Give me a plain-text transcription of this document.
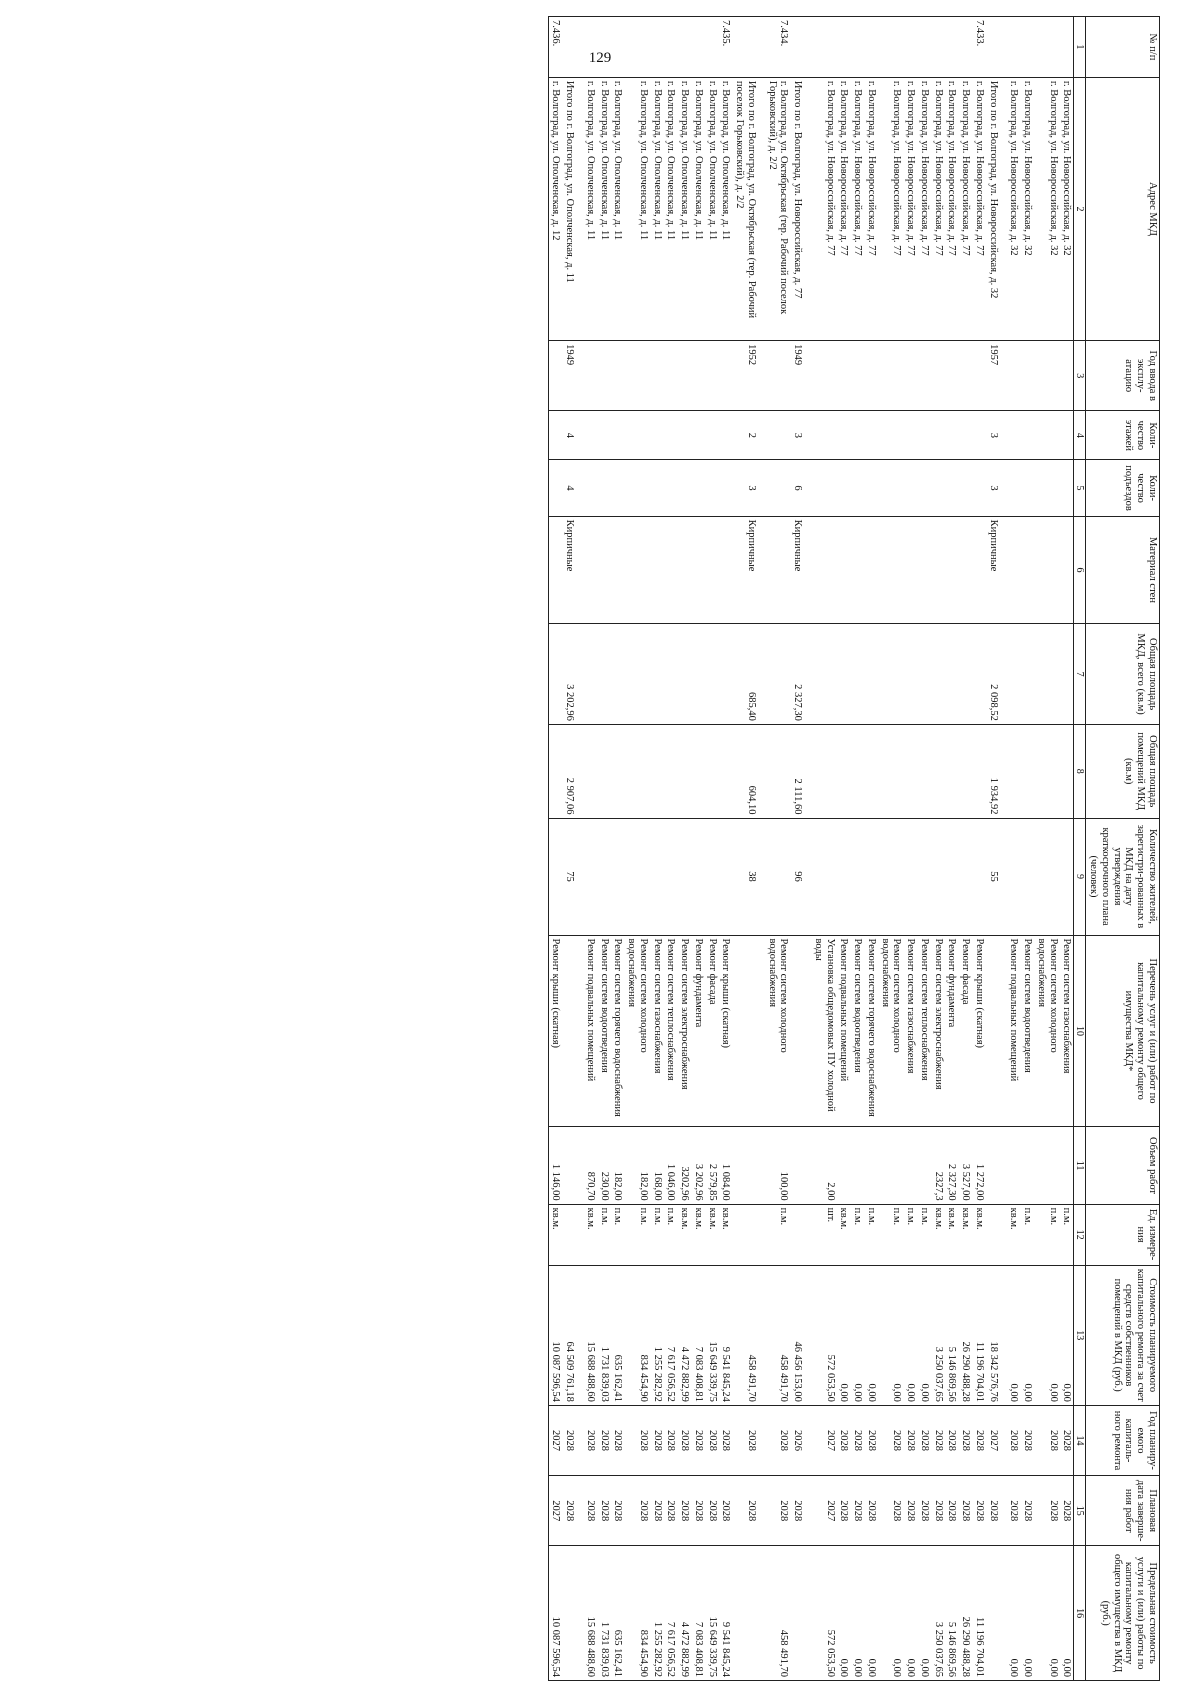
129	№ п/п	Адрес МКД	Год ввода в эксплу-атацию	Коли-чество этажей	Коли-чество подъездов	Материал стен	Общая площадь МКД, всего (кв.м)	Общая площадь помещений МКД (кв.м)	Количество жителей, зарегистри-рованных в МКД на дату утверждения краткосрочного плана (человек)	Перечень услуг и (или) работ по капитальному ремонту общего имущества МКД*	Объем работ	Ед. измере-ния	Стоимость планируемого капитального ремонта за счет средств собственников помещений в МКД (руб.)	Год планиру-емого капиталь-ного ремонта	Плановая дата заверше-ния работ	Предельная стоимость услуги и (или) работы по капитальному ремонту общего имущества в МКД (руб.)
1	2	3	4	5	6	7	8	9	10	11	12	13	14	15	16
	г. Волгоград, ул. Новороссийская, д. 32								Ремонт систем газоснабжения		п.м.	0,00	2028	2028	0,00
	г. Волгоград, ул. Новороссийская, д. 32								Ремонт систем холодного водоснабжения		п.м.	0,00	2028	2028	0,00
	г. Волгоград, ул. Новороссийская, д. 32								Ремонт систем водоотведения		п.м.	0,00	2028	2028	0,00
	г. Волгоград, ул. Новороссийская, д. 32								Ремонт подвальных помещений		кв.м.	0,00	2028	2028	0,00
	Итого по г. Волгоград, ул. Новороссийская, д. 32	1957	3	3	Кирпичные	2 098,52	1 934,92	55				18 342 576,76	2027	2028	
7.433.	г. Волгоград, ул. Новороссийская, д. 77								Ремонт крыши (скатная)	1 272,00	кв.м.	11 196 704,01	2028	2028	11 196 704,01
	г. Волгоград, ул. Новороссийская, д. 77								Ремонт фасада	3 527,00	кв.м.	26 290 488,28	2028	2028	26 290 488,28
	г. Волгоград, ул. Новороссийская, д. 77								Ремонт фундамента	2 327,30	кв.м.	5 146 869,56	2028	2028	5 146 869,56
	г. Волгоград, ул. Новороссийская, д. 77								Ремонт систем электроснабжения	2327,3	кв.м.	3 250 037,65	2028	2028	3 250 037,65
	г. Волгоград, ул. Новороссийская, д. 77								Ремонт систем теплоснабжения		п.м.	0,00	2028	2028	0,00
	г. Волгоград, ул. Новороссийская, д. 77								Ремонт систем газоснабжения		п.м.	0,00	2028	2028	0,00
	г. Волгоград, ул. Новороссийская, д. 77								Ремонт систем холодного водоснабжения		п.м.	0,00	2028	2028	0,00
	г. Волгоград, ул. Новороссийская, д. 77								Ремонт систем горячего водоснабжения		п.м.	0,00	2028	2028	0,00
	г. Волгоград, ул. Новороссийская, д. 77								Ремонт систем водоотведения		п.м.	0,00	2028	2028	0,00
	г. Волгоград, ул. Новороссийская, д. 77								Ремонт подвальных помещений		кв.м.	0,00	2028	2028	0,00
	г. Волгоград, ул. Новороссийская, д. 77								Установка общедомовых ПУ холодной воды	2,00	шт.	572 053,50	2027	2027	572 053,50
	Итого по г. Волгоград, ул. Новороссийская, д. 77	1949	3	6	Кирпичные	2 327,30	2 111,60	96				46 456 153,00	2026	2028	
7.434.	г. Волгоград, ул. Октябрьская (тер. Рабочий поселок Горьковский), д. 2/2								Ремонт систем холодного водоснабжения	100,00	п.м.	458 491,70	2028	2028	458 491,70
	Итого по г. Волгоград, ул. Октябрьская (тер. Рабочий поселок Горьковский), д. 2/2	1952	2	3	Кирпичные	685,40	604,10	38				458 491,70	2028	2028	
7.435.	г. Волгоград, ул. Ополченская, д. 11								Ремонт крыши (скатная)	1 084,00	кв.м.	9 541 845,24	2028	2028	9 541 845,24
	г. Волгоград, ул. Ополченская, д. 11								Ремонт фасада	2 579,85	кв.м.	15 649 339,75	2028	2028	15 649 339,75
	г. Волгоград, ул. Ополченская, д. 11								Ремонт фундамента	3 202,96	кв.м.	7 083 408,81	2028	2028	7 083 408,81
	г. Волгоград, ул. Ополченская, д. 11								Ремонт систем электроснабжения	3202,96	кв.м.	4 472 882,99	2028	2028	4 472 882,99
	г. Волгоград, ул. Ополченская, д. 11								Ремонт систем теплоснабжения	1 046,00	п.м.	7 617 056,52	2028	2028	7 617 056,52
	г. Волгоград, ул. Ополченская, д. 11								Ремонт систем газоснабжения	168,00	п.м.	1 255 282,92	2028	2028	1 255 282,92
	г. Волгоград, ул. Ополченская, д. 11								Ремонт систем холодного водоснабжения	182,00	п.м.	834 454,90	2028	2028	834 454,90
	г. Волгоград, ул. Ополченская, д. 11								Ремонт систем горячего водоснабжения	182,00	п.м.	635 162,41	2028	2028	635 162,41
	г. Волгоград, ул. Ополченская, д. 11								Ремонт систем водоотведения	230,00	п.м.	1 731 839,03	2028	2028	1 731 839,03
	г. Волгоград, ул. Ополченская, д. 11								Ремонт подвальных помещений	870,70	кв.м.	15 688 488,60	2028	2028	15 688 488,60
	Итого по г. Волгоград, ул. Ополченская, д. 11	1949	4	4	Кирпичные	3 202,96	2 907,06	75				64 509 761,18	2028	2028	
7.436.	г. Волгоград, ул. Ополченская, д. 12								Ремонт крыши (скатная)	1 146,00	кв.м.	10 087 596,54	2027	2027	10 087 596,54
